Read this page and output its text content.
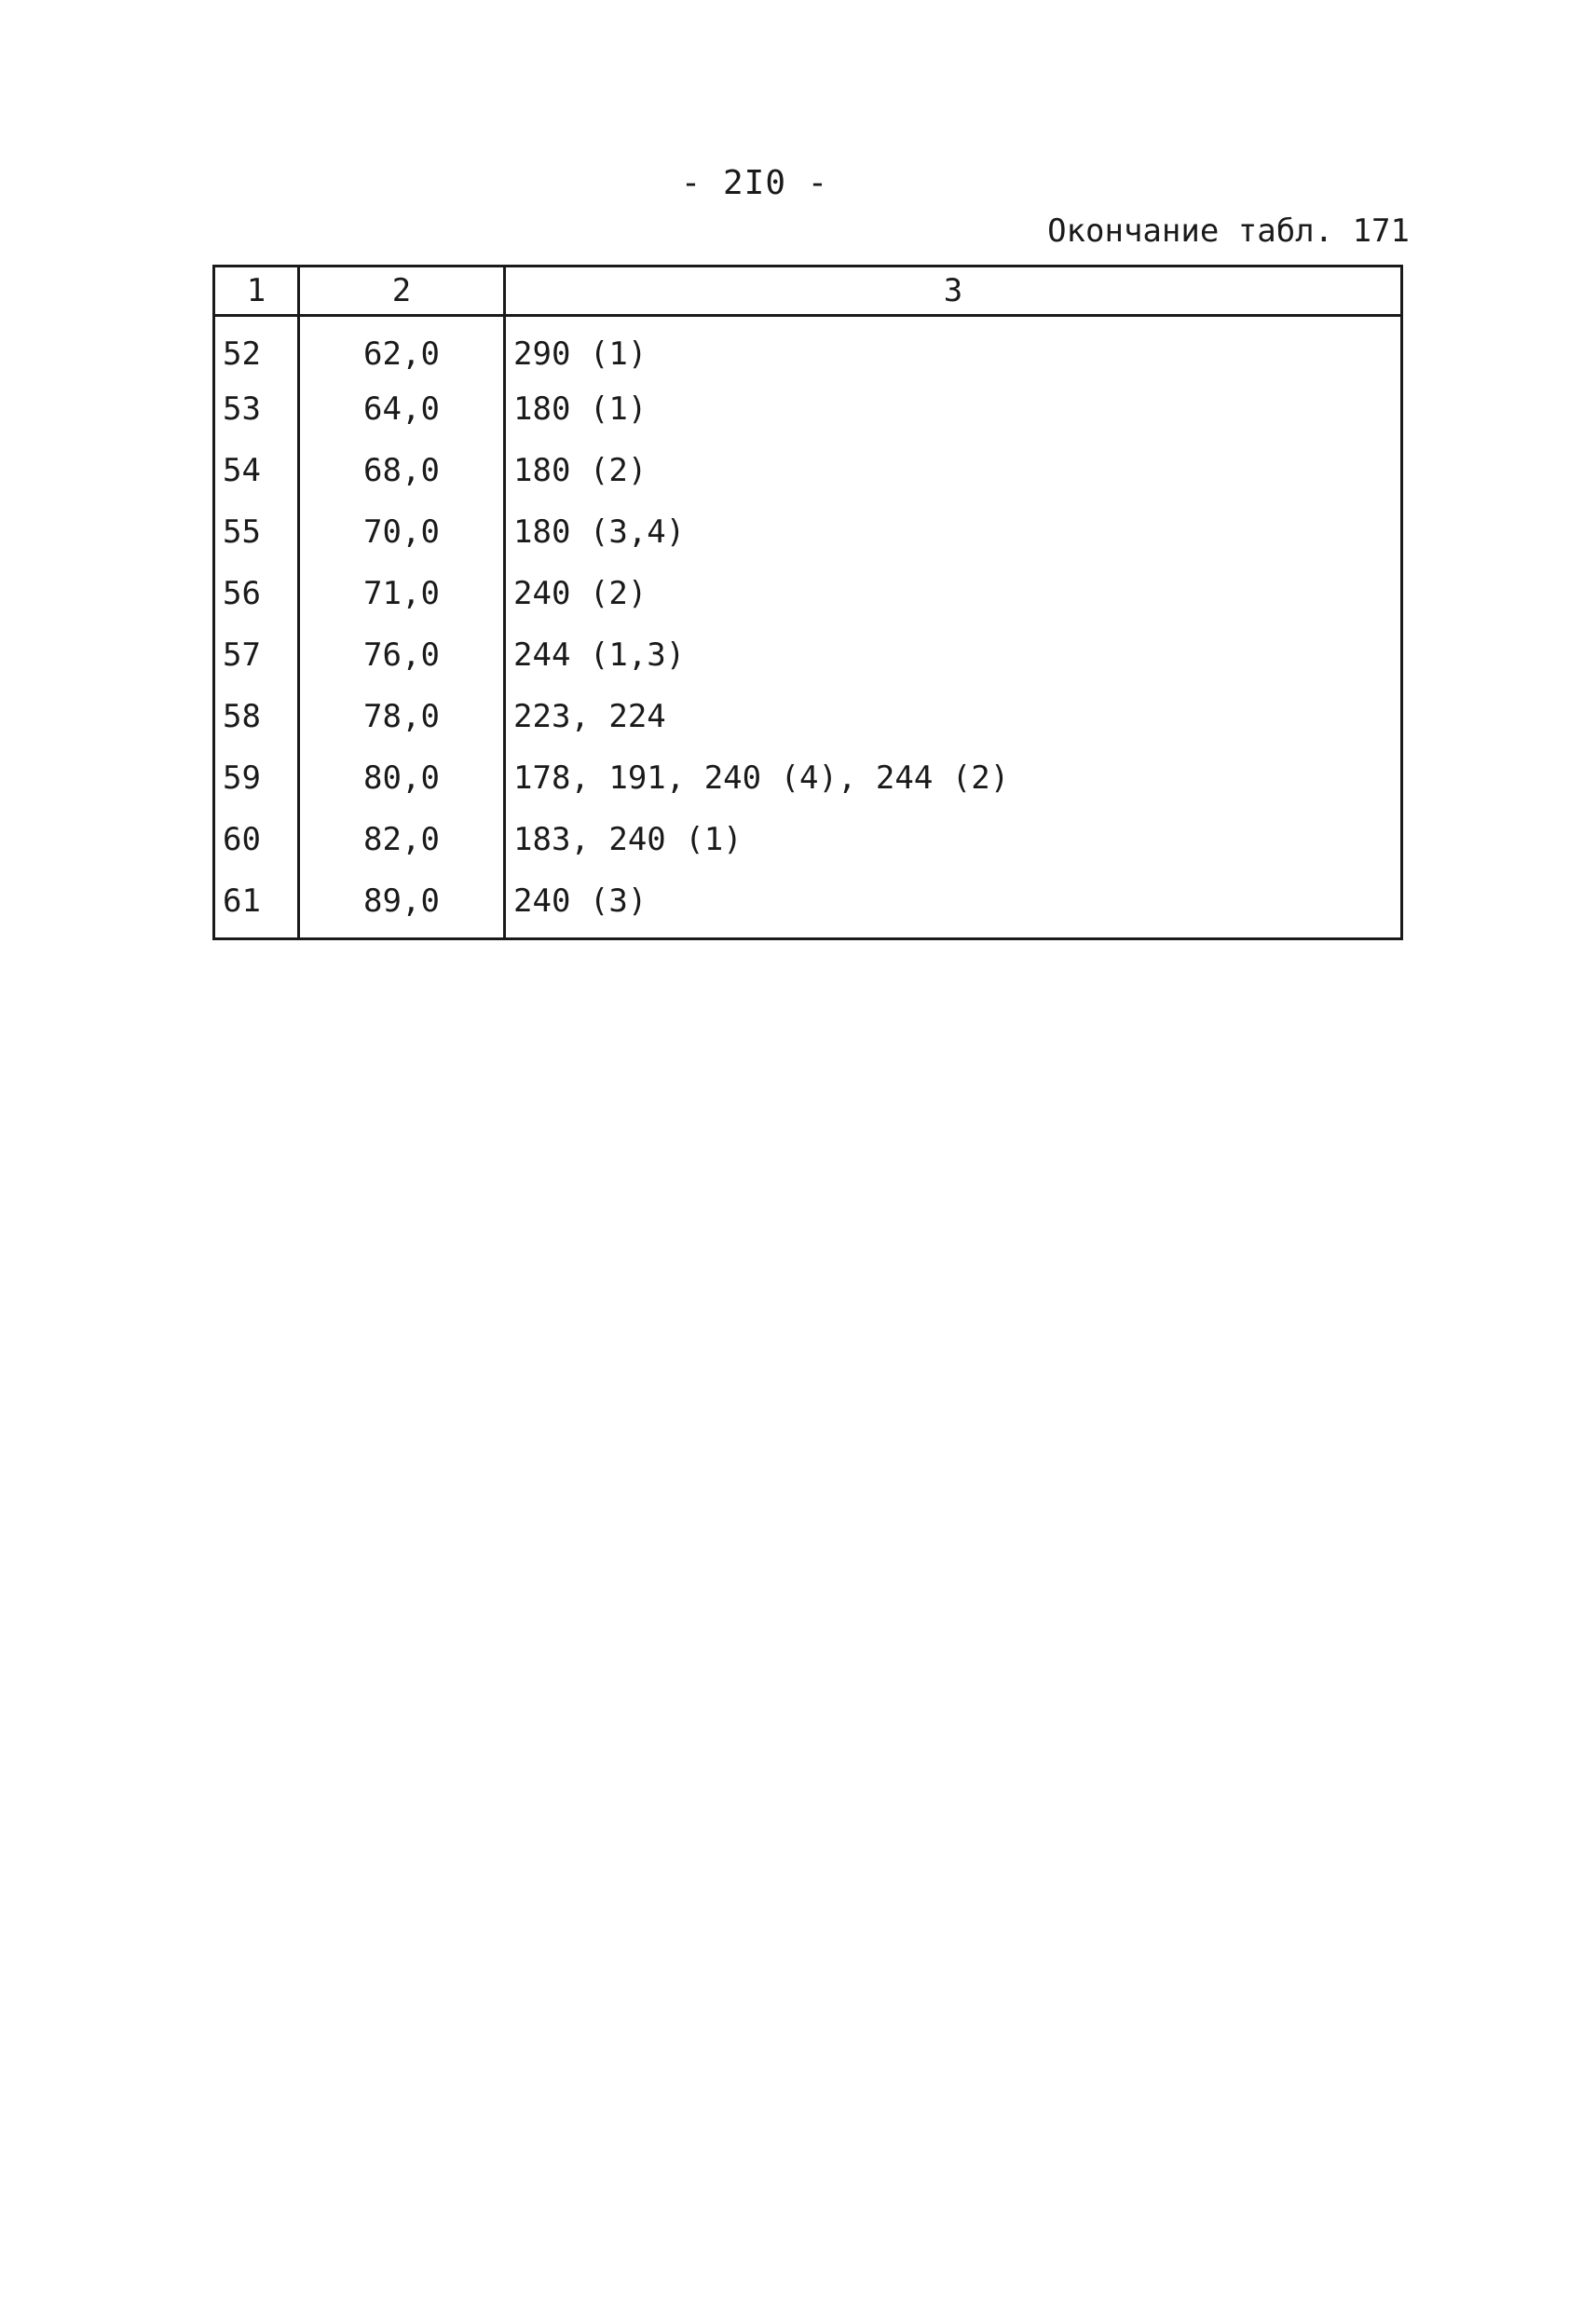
- 2I0 -
Окончание табл. 171
1	2	3
52	62,0	290 (1)
53	64,0	180 (1)
54	68,0	180 (2)
55	70,0	180 (3,4)
56	71,0	240 (2)
57	76,0	244 (1,3)
58	78,0	223, 224
59	80,0	178, 191, 240 (4), 244 (2)
60	82,0	183, 240 (1)
61	89,0	240 (3)
